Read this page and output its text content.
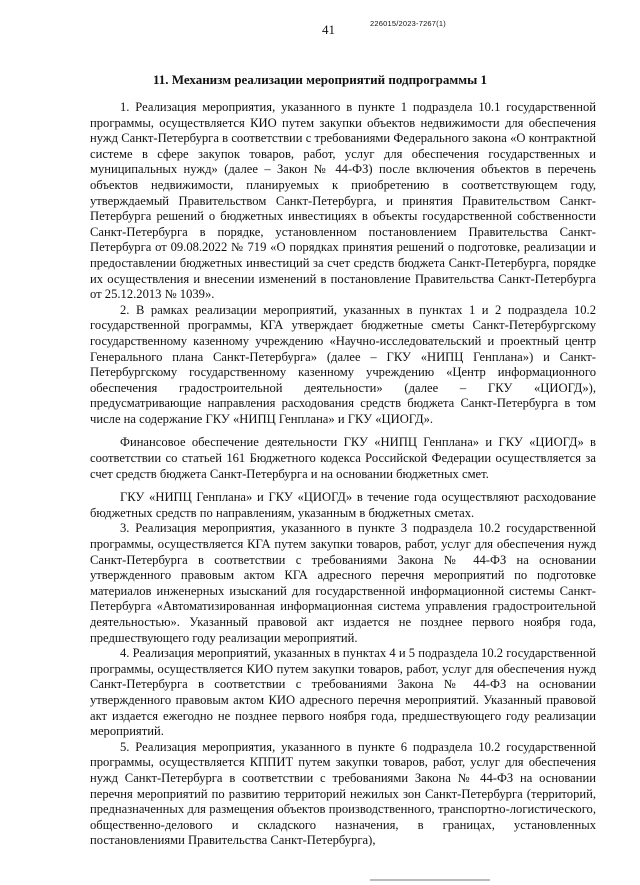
41	226015/2023-7267(1)
11. Механизм реализации мероприятий подпрограммы 1

1. Реализация мероприятия, указанного в пункте 1 подраздела 10.1 государственной программы, осуществляется КИО путем закупки объектов недвижимости для обеспечения нужд Санкт-Петербурга в соответствии с требованиями Федерального закона «О контрактной системе в сфере закупок товаров, работ, услуг для обеспечения государственных и муниципальных нужд» (далее – Закон № 44-ФЗ) после включения объектов в перечень объектов недвижимости, планируемых к приобретению в соответствующем году, утверждаемый Правительством Санкт-Петербурга, и принятия Правительством Санкт-Петербурга решений о бюджетных инвестициях в объекты государственной собственности Санкт-Петербурга в порядке, установленном постановлением Правительства Санкт-Петербурга от 09.08.2022 № 719 «О порядках принятия решений о подготовке, реализации и предоставлении бюджетных инвестиций за счет средств бюджета Санкт-Петербурга, порядке их осуществления и внесении изменений в постановление Правительства Санкт-Петербурга от 25.12.2013 № 1039».

2. В рамках реализации мероприятий, указанных в пунктах 1 и 2 подраздела 10.2 государственной программы, КГА утверждает бюджетные сметы Санкт-Петербургскому государственному казенному учреждению «Научно-исследовательский и проектный центр Генерального плана Санкт-Петербурга» (далее – ГКУ «НИПЦ Генплана») и Санкт-Петербургскому государственному казенному учреждению «Центр информационного обеспечения градостроительной деятельности» (далее – ГКУ «ЦИОГД»), предусматривающие направления расходования средств бюджета Санкт-Петербурга в том числе на содержание ГКУ «НИПЦ Генплана» и ГКУ «ЦИОГД».

Финансовое обеспечение деятельности ГКУ «НИПЦ Генплана» и ГКУ «ЦИОГД» в соответствии со статьей 161 Бюджетного кодекса Российской Федерации осуществляется за счет средств бюджета Санкт-Петербурга и на основании бюджетных смет.

ГКУ «НИПЦ Генплана» и ГКУ «ЦИОГД» в течение года осуществляют расходование бюджетных средств по направлениям, указанным в бюджетных сметах.

3. Реализация мероприятия, указанного в пункте 3 подраздела 10.2 государственной программы, осуществляется КГА путем закупки товаров, работ, услуг для обеспечения нужд Санкт-Петербурга в соответствии с требованиями Закона № 44-ФЗ на основании утвержденного правовым актом КГА адресного перечня мероприятий по подготовке материалов инженерных изысканий для государственной информационной системы Санкт-Петербурга «Автоматизированная информационная система управления градостроительной деятельностью». Указанный правовой акт издается не позднее первого ноября года, предшествующего году реализации мероприятий.

4. Реализация мероприятий, указанных в пунктах 4 и 5 подраздела 10.2 государственной программы, осуществляется КИО путем закупки товаров, работ, услуг для обеспечения нужд Санкт-Петербурга в соответствии с требованиями Закона № 44-ФЗ на основании утвержденного правовым актом КИО адресного перечня мероприятий. Указанный правовой акт издается ежегодно не позднее первого ноября года, предшествующего году реализации мероприятий.

5. Реализация мероприятия, указанного в пункте 6 подраздела 10.2 государственной программы, осуществляется КППИТ путем закупки товаров, работ, услуг для обеспечения нужд Санкт-Петербурга в соответствии с требованиями Закона № 44-ФЗ на основании перечня мероприятий по развитию территорий нежилых зон Санкт-Петербурга (территорий, предназначенных для размещения объектов производственного, транспортно-логистического, общественно-делового и складского назначения, в границах, установленных постановлениями Правительства Санкт-Петербурга),
